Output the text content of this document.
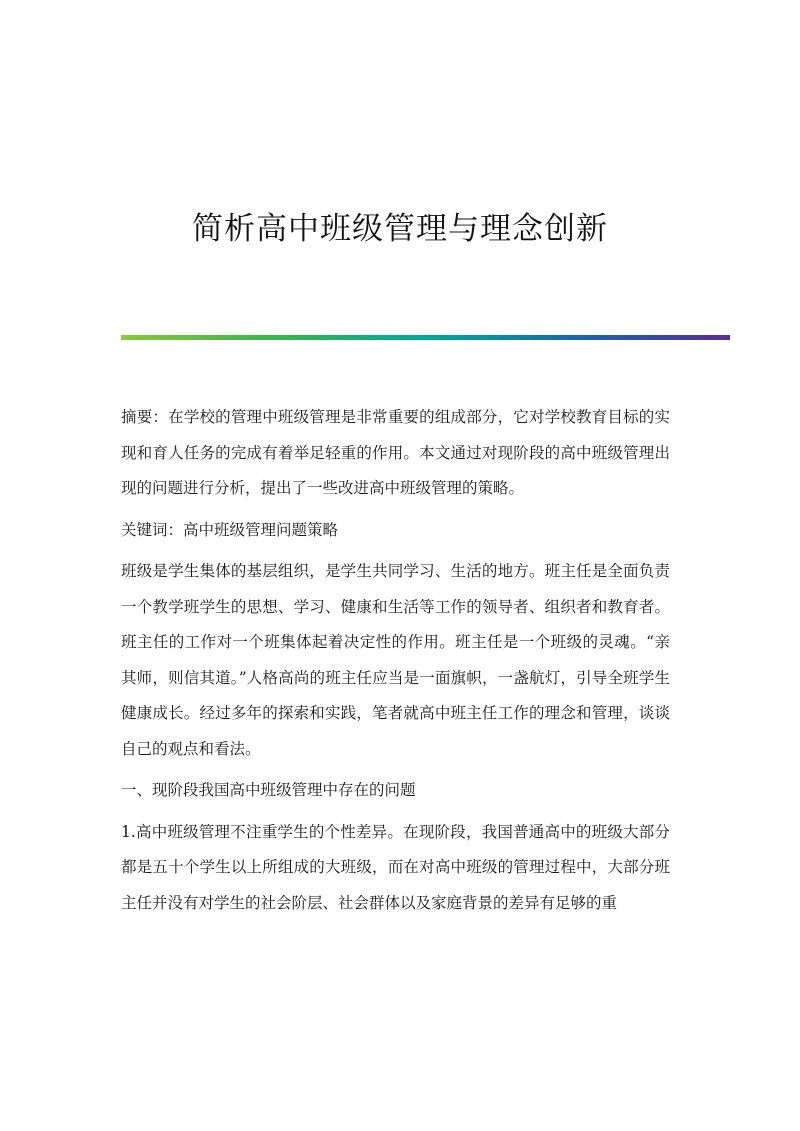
简析高中班级管理与理念创新

摘要：在学校的管理中班级管理是非常重要的组成部分，它对学校教育目标的实现和育人任务的完成有着举足轻重的作用。本文通过对现阶段的高中班级管理出现的问题进行分析，提出了一些改进高中班级管理的策略。

关键词：高中班级管理问题策略

班级是学生集体的基层组织，是学生共同学习、生活的地方。班主任是全面负责一个教学班学生的思想、学习、健康和生活等工作的领导者、组织者和教育者。班主任的工作对一个班集体起着决定性的作用。班主任是一个班级的灵魂。“亲其师，则信其道。”人格高尚的班主任应当是一面旗帜，一盏航灯，引导全班学生健康成长。经过多年的探索和实践，笔者就高中班主任工作的理念和管理，谈谈自己的观点和看法。

一、现阶段我国高中班级管理中存在的问题

1.高中班级管理不注重学生的个性差异。在现阶段，我国普通高中的班级大部分都是五十个学生以上所组成的大班级，而在对高中班级的管理过程中，大部分班主任并没有对学生的社会阶层、社会群体以及家庭背景的差异有足够的重
